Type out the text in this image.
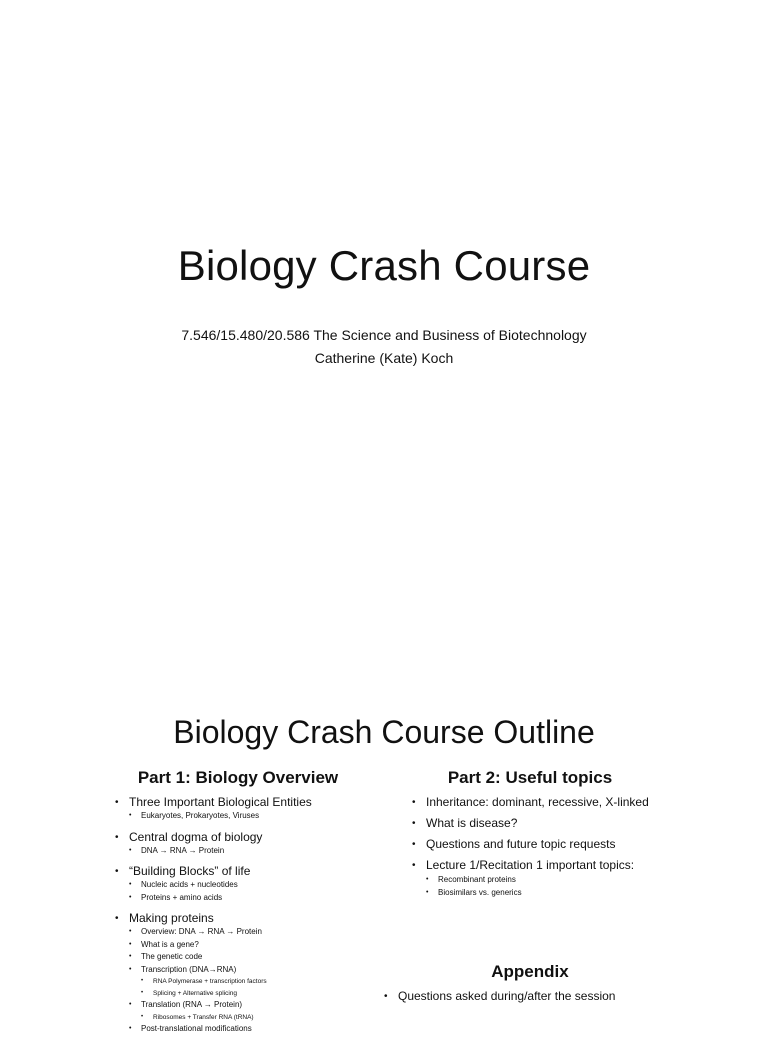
Biology Crash Course

7.546/15.480/20.586 The Science and Business of Biotechnology

Catherine (Kate) Koch

Biology Crash Course Outline
Part 1: Biology Overview
• Three Important Biological Entities
• Eukaryotes, Prokaryotes, Viruses
• Central dogma of biology
• DNA → RNA → Protein
• “Building Blocks” of life
• Nucleic acids + nucleotides
• Proteins + amino acids
• Making proteins
• Overview: DNA → RNA → Protein
• What is a gene?
• The genetic code
• Transcription (DNA→RNA)
• RNA Polymerase + transcription factors
• Splicing + Alternative splicing
• Translation (RNA → Protein)
• Ribosomes + Transfer RNA (tRNA)
• Post-translational modifications
Part 2: Useful topics
• Inheritance: dominant, recessive, X-linked
• What is disease?
• Questions and future topic requests
• Lecture 1/Recitation 1 important topics:
• Recombinant proteins
• Biosimilars vs. generics
Appendix
• Questions asked during/after the session
